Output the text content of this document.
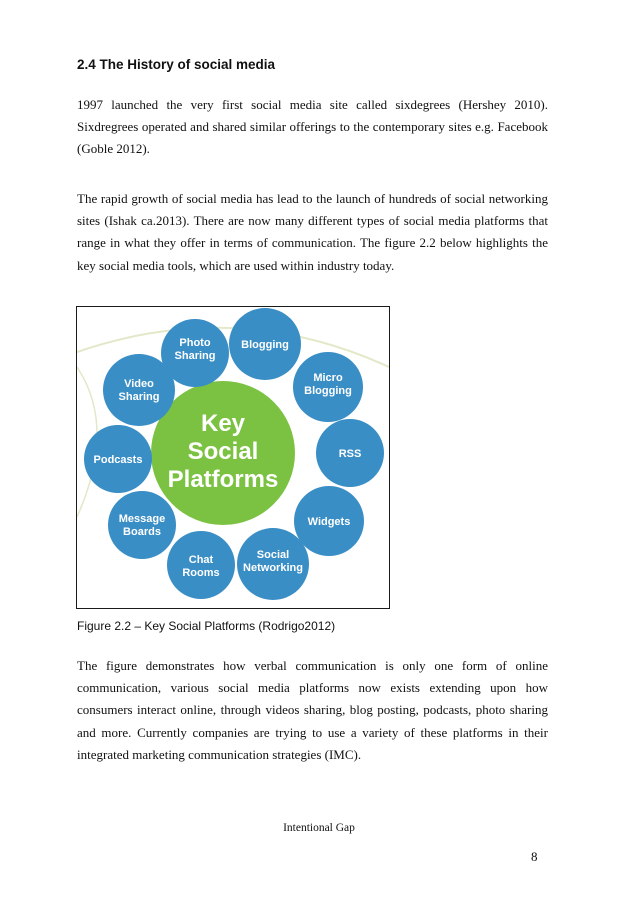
2.4 The History of social media

1997 launched the very first social media site called sixdegrees (Hershey 2010). Sixdregrees operated and shared similar offerings to the contemporary sites e.g. Facebook (Goble 2012).

The rapid growth of social media has lead to the launch of hundreds of social networking sites (Ishak ca.2013). There are now many different types of social media platforms that range in what they offer in terms of communication. The figure 2.2 below highlights the key social media tools, which are used within industry today.

Key
Social
Platforms
Photo
Sharing
Blogging
Micro
Blogging
RSS
Widgets
Social
Networking
Chat
Rooms
Message
Boards
Podcasts
Video
Sharing

Figure 2.2 – Key Social Platforms (Rodrigo2012)

The figure demonstrates how verbal communication is only one form of online communication, various social media platforms now exists extending upon how consumers interact online, through videos sharing, blog posting, podcasts, photo sharing and more. Currently companies are trying to use a variety of these platforms in their integrated marketing communication strategies (IMC).

Intentional Gap

8
